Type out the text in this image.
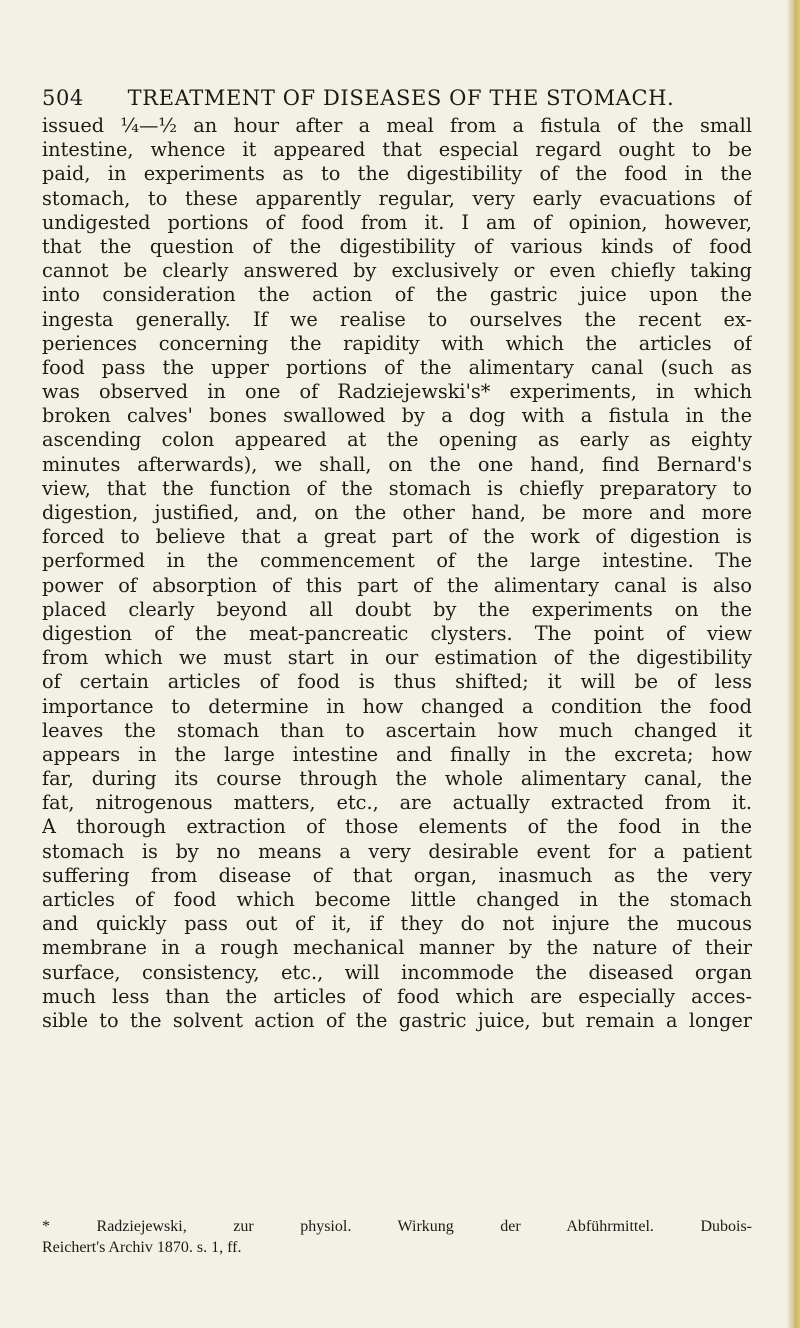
504	TREATMENT OF DISEASES OF THE STOMACH.
issued ¼—½ an hour after a meal from a fistula of the small
intestine, whence it appeared that especial regard ought to be
paid, in experiments as to the digestibility of the food in the
stomach, to these apparently regular, very early evacuations of
undigested portions of food from it. I am of opinion, however,
that the question of the digestibility of various kinds of food
cannot be clearly answered by exclusively or even chiefly taking
into consideration the action of the gastric juice upon the
ingesta generally. If we realise to ourselves the recent ex-
periences concerning the rapidity with which the articles of
food pass the upper portions of the alimentary canal (such as
was observed in one of Radziejewski's* experiments, in which
broken calves' bones swallowed by a dog with a fistula in the
ascending colon appeared at the opening as early as eighty
minutes afterwards), we shall, on the one hand, find Bernard's
view, that the function of the stomach is chiefly preparatory to
digestion, justified, and, on the other hand, be more and more
forced to believe that a great part of the work of digestion is
performed in the commencement of the large intestine. The
power of absorption of this part of the alimentary canal is also
placed clearly beyond all doubt by the experiments on the
digestion of the meat-pancreatic clysters. The point of view
from which we must start in our estimation of the digestibility
of certain articles of food is thus shifted; it will be of less
importance to determine in how changed a condition the food
leaves the stomach than to ascertain how much changed it
appears in the large intestine and finally in the excreta; how
far, during its course through the whole alimentary canal, the
fat, nitrogenous matters, etc., are actually extracted from it.
A thorough extraction of those elements of the food in the
stomach is by no means a very desirable event for a patient
suffering from disease of that organ, inasmuch as the very
articles of food which become little changed in the stomach
and quickly pass out of it, if they do not injure the mucous
membrane in a rough mechanical manner by the nature of their
surface, consistency, etc., will incommode the diseased organ
much less than the articles of food which are especially acces-
sible to the solvent action of the gastric juice, but remain a longer
* Radziejewski, zur physiol. Wirkung der Abführmittel. Dubois-
Reichert's Archiv 1870. s. 1, ff.
